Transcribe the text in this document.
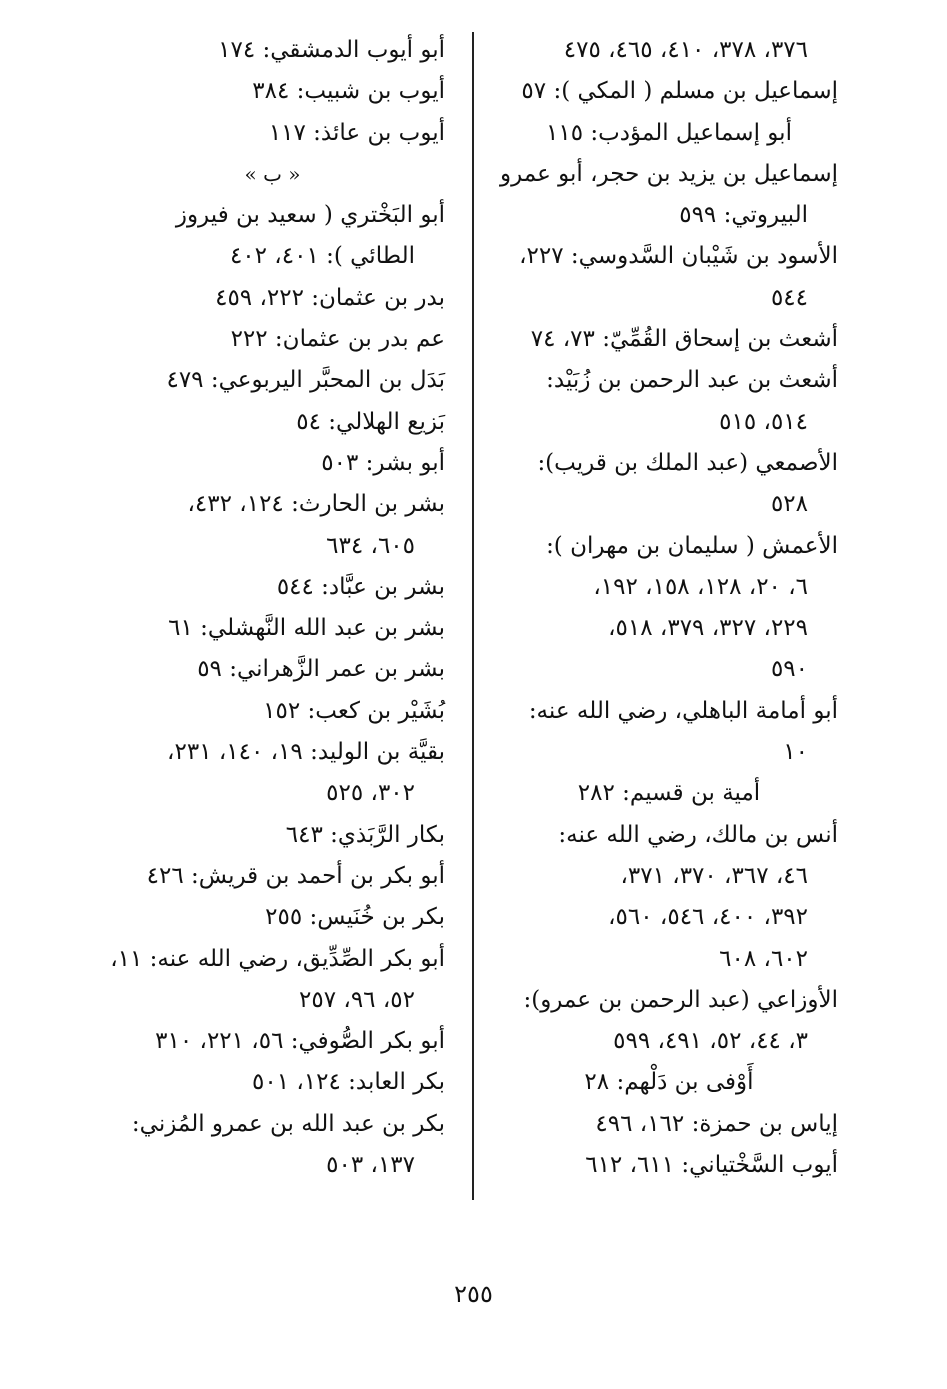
٣٧٦، ٣٧٨، ٤١٠، ٤٦٥، ٤٧٥
إسماعيل بن مسلم ( المكي ): ٥٧
أبو إسماعيل المؤدب: ١١٥
إسماعيل بن يزيد بن حجر، أبو عمرو
البيروتي: ٥٩٩
الأسود بن شَيْبان السَّدوسي: ٢٢٧،
٥٤٤
أشعث بن إسحاق القُمِّيّ: ٧٣، ٧٤
أشعث بن عبد الرحمن بن زُبَيْد:
٥١٤، ٥١٥
الأصمعي (عبد الملك بن قريب):
٥٢٨
الأعمش ( سليمان بن مهران ):
٦، ٢٠، ١٢٨، ١٥٨، ١٩٢،
٢٢٩، ٣٢٧، ٣٧٩، ٥١٨،
٥٩٠
أبو أمامة الباهلي، رضي الله عنه:
١٠
أمية بن قسيم: ٢٨٢
أنس بن مالك، رضي الله عنه:
٤٦، ٣٦٧، ٣٧٠، ٣٧١،
٣٩٢، ٤٠٠، ٥٤٦، ٥٦٠،
٦٠٢، ٦٠٨
الأوزاعي (عبد الرحمن بن عمرو):
٣، ٤٤، ٥٢، ٤٩١، ٥٩٩
أَوْفى بن دَلْهم: ٢٨
إياس بن حمزة: ١٦٢، ٤٩٦
أيوب السَّخْتياني: ٦١١، ٦١٢
أبو أيوب الدمشقي: ١٧٤
أيوب بن شبيب: ٣٨٤
أيوب بن عائذ: ١١٧
« ب »
أبو البَخْتري ( سعيد بن فيروز
الطائي ): ٤٠١، ٤٠٢
بدر بن عثمان: ٢٢٢، ٤٥٩
عم بدر بن عثمان: ٢٢٢
بَدَل بن المحبَّر اليربوعي: ٤٧٩
بَزيع الهلالي: ٥٤
أبو بشر: ٥٠٣
بشر بن الحارث: ١٢٤، ٤٣٢،
٦٠٥، ٦٣٤
بشر بن عبَّاد: ٥٤٤
بشر بن عبد الله النَّهشلي: ٦١
بشر بن عمر الزَّهراني: ٥٩
بُشَيْر بن كعب: ١٥٢
بقيَّة بن الوليد: ١٩، ١٤٠، ٢٣١،
٣٠٢، ٥٢٥
بكار الرَّبَذي: ٦٤٣
أبو بكر بن أحمد بن قريش: ٤٢٦
بكر بن خُنَيس: ٢٥٥
أبو بكر الصِّدِّيق، رضي الله عنه: ١١،
٥٢، ٩٦، ٢٥٧
أبو بكر الصُّوفي: ٥٦، ٢٢١، ٣١٠
بكر العابد: ١٢٤، ٥٠١
بكر بن عبد الله بن عمرو المُزني:
١٣٧، ٥٠٣
٢٥٥
